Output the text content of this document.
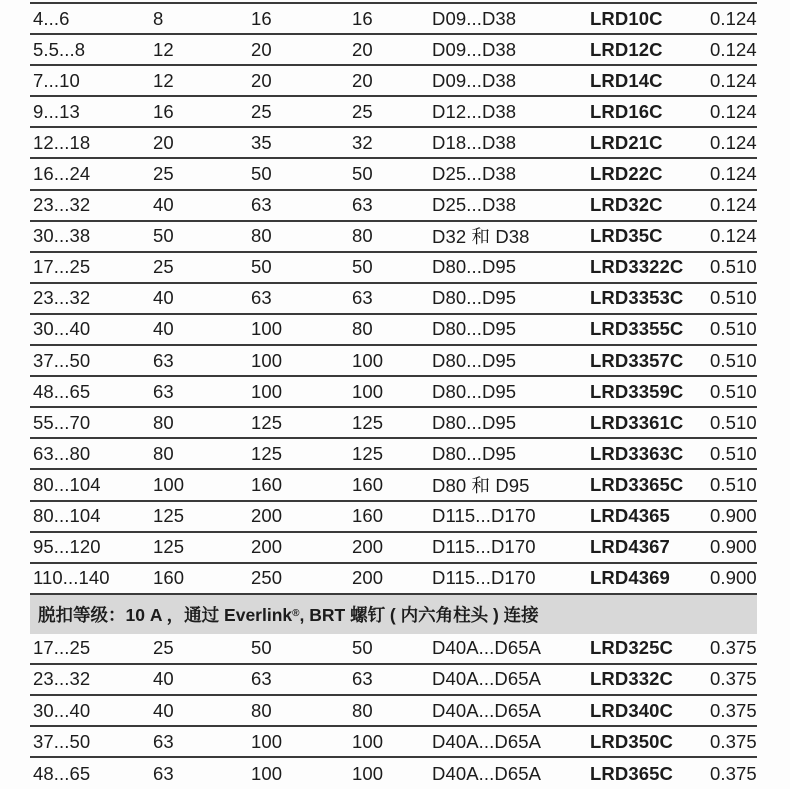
4...6	8	16	16	D09...D38	LRD10C	0.124
5.5...8	12	20	20	D09...D38	LRD12C	0.124
7...10	12	20	20	D09...D38	LRD14C	0.124
9...13	16	25	25	D12...D38	LRD16C	0.124
12...18	20	35	32	D18...D38	LRD21C	0.124
16...24	25	50	50	D25...D38	LRD22C	0.124
23...32	40	63	63	D25...D38	LRD32C	0.124
30...38	50	80	80	D32 和 D38	LRD35C	0.124
17...25	25	50	50	D80...D95	LRD3322C	0.510
23...32	40	63	63	D80...D95	LRD3353C	0.510
30...40	40	100	80	D80...D95	LRD3355C	0.510
37...50	63	100	100	D80...D95	LRD3357C	0.510
48...65	63	100	100	D80...D95	LRD3359C	0.510
55...70	80	125	125	D80...D95	LRD3361C	0.510
63...80	80	125	125	D80...D95	LRD3363C	0.510
80...104	100	160	160	D80 和 D95	LRD3365C	0.510
80...104	125	200	160	D115...D170	LRD4365	0.900
95...120	125	200	200	D115...D170	LRD4367	0.900
110...140	160	250	200	D115...D170	LRD4369	0.900
脱扣等级：10 A ，通过 Everlink ® , BRT 螺钉 ( 内六角柱头 ) 连接
17...25	25	50	50	D40A...D65A	LRD325C	0.375
23...32	40	63	63	D40A...D65A	LRD332C	0.375
30...40	40	80	80	D40A...D65A	LRD340C	0.375
37...50	63	100	100	D40A...D65A	LRD350C	0.375
48...65	63	100	100	D40A...D65A	LRD365C	0.375
